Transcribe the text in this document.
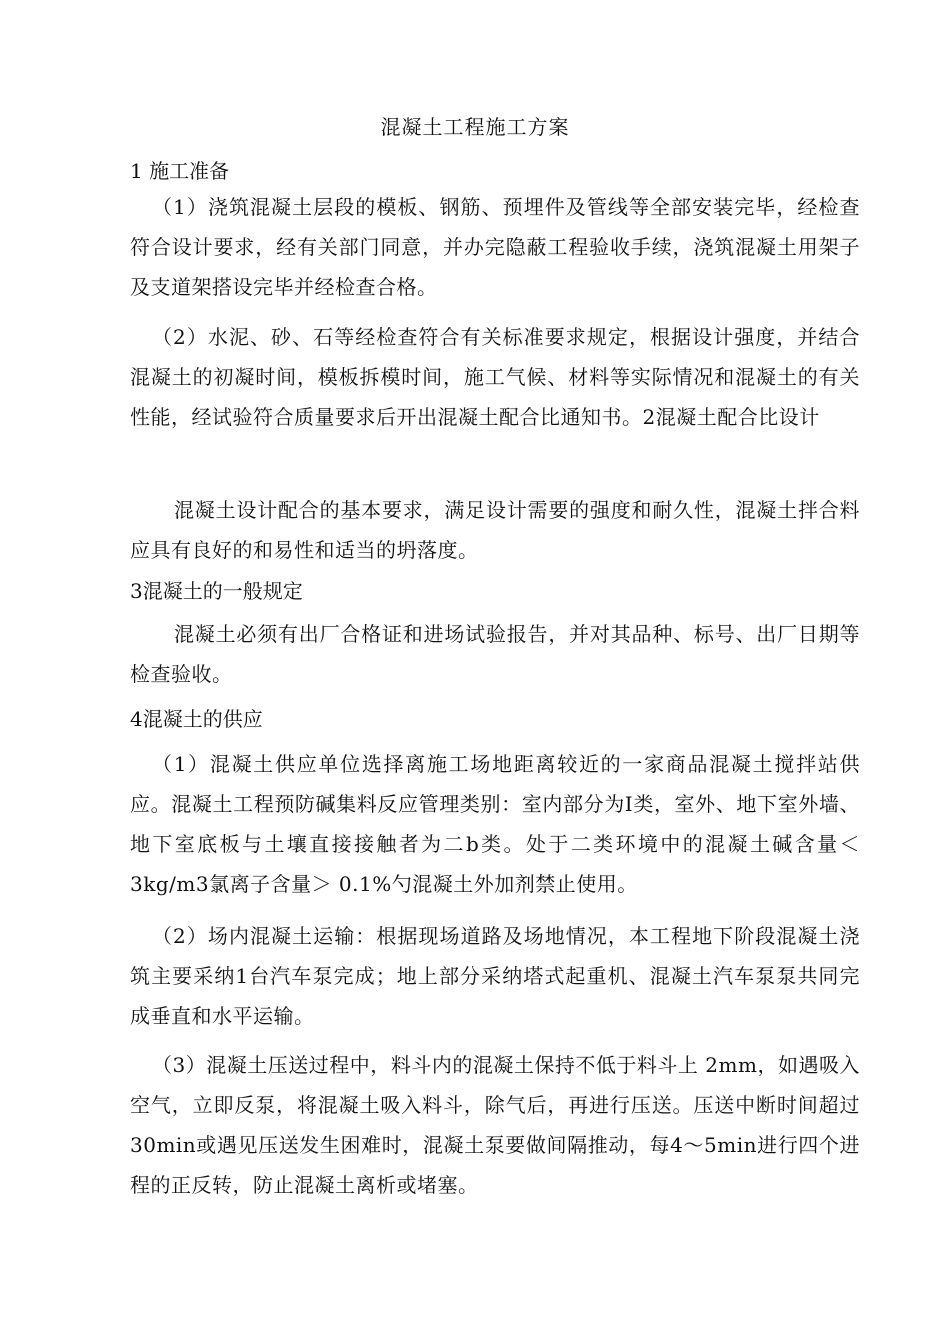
混凝土工程施工方案
1 施工准备
（1）浇筑混凝土层段的模板、钢筋、预埋件及管线等全部安装完毕，经检查符合设计要求，经有关部门同意，并办完隐蔽工程验收手续，浇筑混凝土用架子及支道架搭设完毕并经检查合格。
（2）水泥、砂、石等经检查符合有关标准要求规定，根据设计强度，并结合混凝土的初凝时间，模板拆模时间，施工气候、材料等实际情况和混凝土的有关性能，经试验符合质量要求后开出混凝土配合比通知书。2混凝土配合比设计
混凝土设计配合的基本要求，满足设计需要的强度和耐久性，混凝土拌合料应具有良好的和易性和适当的坍落度。
3混凝土的一般规定
混凝土必须有出厂合格证和进场试验报告，并对其品种、标号、出厂日期等检查验收。
4混凝土的供应
（1）混凝土供应单位选择离施工场地距离较近的一家商品混凝土搅拌站供应。混凝土工程预防碱集料反应管理类别：室内部分为Ⅰ类，室外、地下室外墙、地下室底板与土壤直接接触者为二b类。处于二类环境中的混凝土碱含量＜ 3kg/m3氯离子含量＞ 0.1%勺混凝土外加剂禁止使用。
（2）场内混凝土运输：根据现场道路及场地情况，本工程地下阶段混凝土浇筑主要采纳1台汽车泵完成；地上部分采纳塔式起重机、混凝土汽车泵泵共同完成垂直和水平运输。
（3）混凝土压送过程中，料斗内的混凝土保持不低于料斗上 2mm，如遇吸入空气，立即反泵，将混凝土吸入料斗，除气后，再进行压送。压送中断时间超过30min或遇见压送发生困难时，混凝土泵要做间隔推动，每4〜5min进行四个进程的正反转，防止混凝土离析或堵塞。
